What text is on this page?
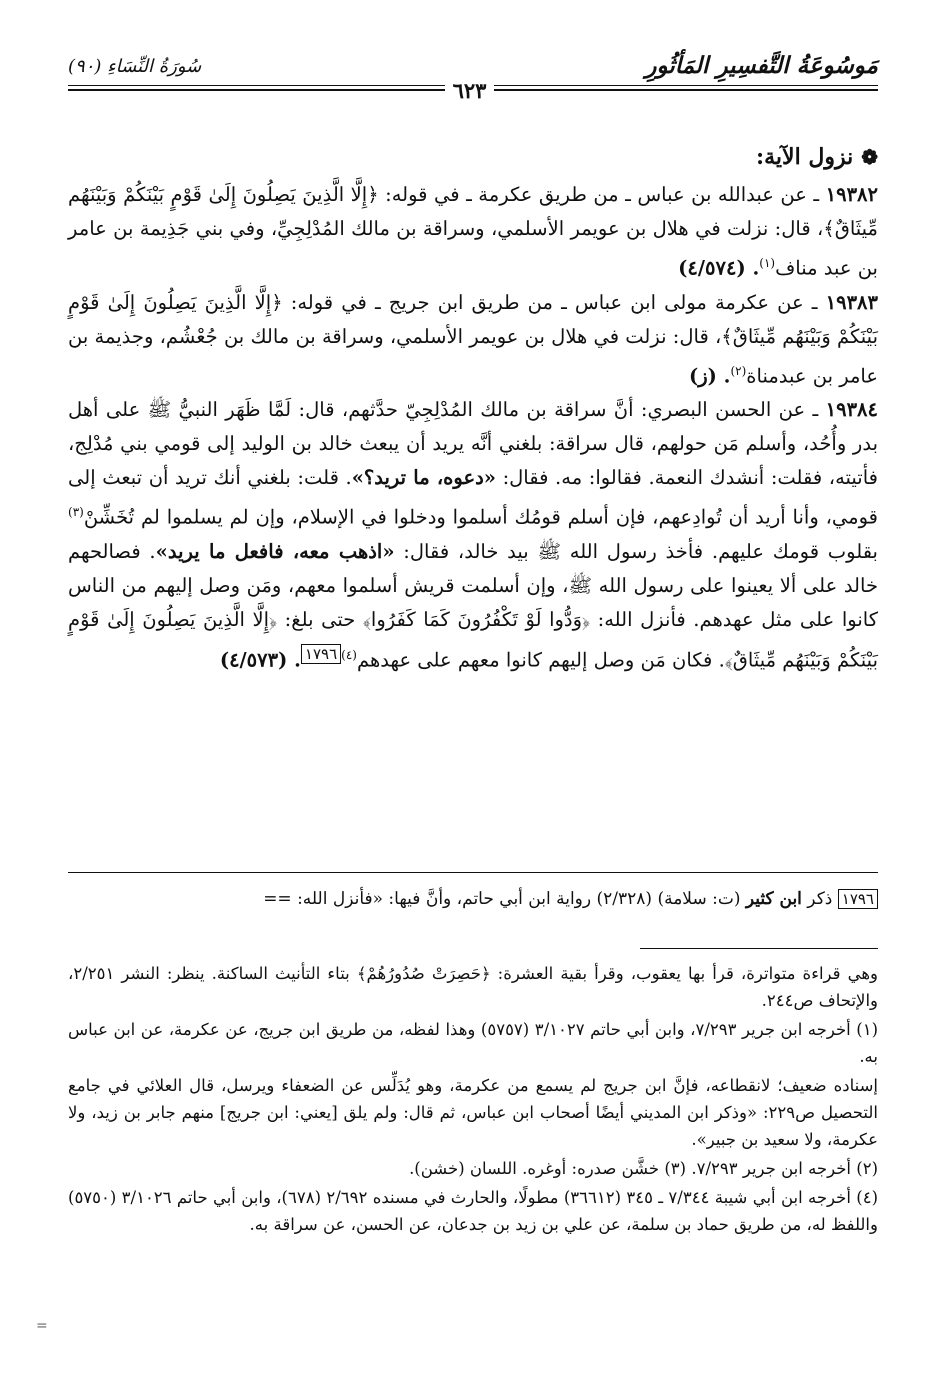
مَوسُوعَةُ التَّفسِيرِ المَأثُورِ
سُورَةُ النِّسَاءِ (٩٠)
٦٢٣
❁نزول الآية:

١٩٣٨٢ ـ عن عبدالله بن عباس ـ من طريق عكرمة ـ في قوله: ﴿إِلَّا الَّذِينَ يَصِلُونَ إِلَىٰ قَوْمٍ بَيْنَكُمْ وَبَيْنَهُم مِّيثَاقٌ﴾، قال: نزلت في هلال بن عويمر الأسلمي، وسراقة بن مالك المُدْلِجِيِّ، وفي بني جَذِيمة بن عامر بن عبد مناف$^{(١)}$. (٤/٥٧٤)

١٩٣٨٣ ـ عن عكرمة مولى ابن عباس ـ من طريق ابن جريج ـ في قوله: ﴿إِلَّا الَّذِينَ يَصِلُونَ إِلَىٰ قَوْمٍ بَيْنَكُمْ وَبَيْنَهُم مِّيثَاقٌ﴾، قال: نزلت في هلال بن عويمر الأسلمي، وسراقة بن مالك بن جُعْشُم، وجذيمة بن عامر بن عبدمناة$^{(٢)}$. (ز)

١٩٣٨٤ ـ عن الحسن البصري: أنَّ سراقة بن مالك المُدْلِجِيّ حدَّثهم، قال: لَمَّا ظَهَر النبيُّ ﷺ على أهل بدر وأُحُد، وأسلم مَن حولهم، قال سراقة: بلغني أنَّه يريد أن يبعث خالد بن الوليد إلى قومي بني مُدْلِج، فأتيته، فقلت: أنشدك النعمة. فقالوا: مه. فقال: «دعوه، ما تريد؟». قلت: بلغني أنك تريد أن تبعث إلى قومي، وأنا أريد أن تُوادِعهم، فإن أسلم قومُك أسلموا ودخلوا في الإسلام، وإن لم يسلموا لم تُخَشِّنْ$^{(٣)}$ بقلوب قومك عليهم. فأخذ رسول الله ﷺ بيد خالد، فقال: «اذهب معه، فافعل ما يريد». فصالحهم خالد على ألا يعينوا على رسول الله ﷺ، وإن أسلمت قريش أسلموا معهم، ومَن وصل إليهم من الناس كانوا على مثل عهدهم. فأنزل الله: ﴿وَدُّوا لَوْ تَكْفُرُونَ كَمَا كَفَرُوا﴾ حتى بلغ: ﴿إِلَّا الَّذِينَ يَصِلُونَ إِلَىٰ قَوْمٍ بَيْنَكُمْ وَبَيْنَهُم مِّيثَاقٌ﴾. فكان مَن وصل إليهم كانوا معهم على عهدهم$^{(٤)١٧٩٦}$. (٤/٥٧٣)

١٧٩٦ ذكر ابن كثير (ت: سلامة) (٢/٣٢٨) رواية ابن أبي حاتم، وأنَّ فيها: «فأنزل الله: ==

وهي قراءة متواترة، قرأ بها يعقوب، وقرأ بقية العشرة: ﴿حَصِرَتْ صُدُورُهُمْ﴾ بتاء التأنيث الساكنة. ينظر: النشر ٢/٢٥١، والإتحاف ص٢٤٤.

(١) أخرجه ابن جرير ٧/٢٩٣، وابن أبي حاتم ٣/١٠٢٧ (٥٧٥٧) وهذا لفظه، من طريق ابن جريج، عن عكرمة، عن ابن عباس به.

إسناده ضعيف؛ لانقطاعه، فإنَّ ابن جريج لم يسمع من عكرمة، وهو يُدَلِّس عن الضعفاء ويرسل، قال العلائي في جامع التحصيل ص٢٢٩: «وذكر ابن المديني أيضًا أصحاب ابن عباس، ثم قال: ولم يلق [يعني: ابن جريج] منهم جابر بن زيد، ولا عكرمة، ولا سعيد بن جبير».

(٢) أخرجه ابن جرير ٧/٢٩٣. (٣) خشَّن صدره: أوغره. اللسان (خشن).

(٤) أخرجه ابن أبي شيبة ٧/٣٤٤ ـ ٣٤٥ (٣٦٦١٢) مطولًا، والحارث في مسنده ٢/٦٩٢ (٦٧٨)، وابن أبي حاتم ٣/١٠٢٦ (٥٧٥٠) واللفظ له، من طريق حماد بن سلمة، عن علي بن زيد بن جدعان، عن الحسن، عن سراقة به.

=
